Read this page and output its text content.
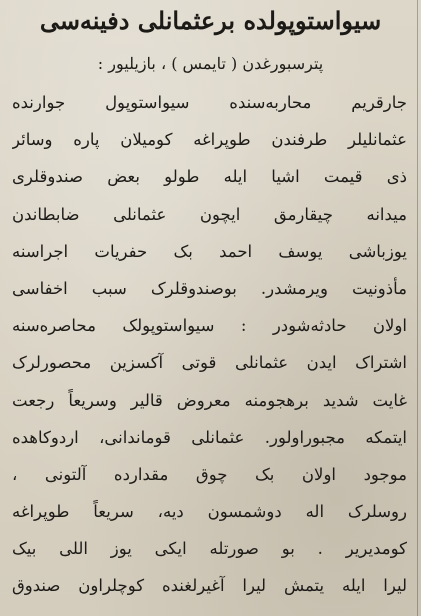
سیواستوپولده برعثمانلی دفینه‌سی
پترسبورغدن ( تایمس ) ، بازیلیور :
جارقریم محاربه‌سنده سیواستوپول جوارنده
عثمانلیلر طرفندن طوپراغه کومیلان پاره وسائر
ذی قیمت اشیا ایله طولو بعض صندوقلری
میدانه چیقارمق ایچون عثمانلی ضابطاندن
یوزباشی یوسف احمد بک حفریات اجراسنه
مأذونیت ویرمشدر. بوصندوقلرک سبب اخفاسی
اولان حادثه‌شودر : سیواستوپولک محاصره‌سنه
اشتراک ایدن عثمانلی قوتی آکسزین محصورلرک
غایت شدید برهجومنه معروض قالیر وسریعاً رجعت
ایتمکه مجبوراولور. عثمانلی قوماندانی، اردوکاهده
موجود اولان بک چوق مقدارده آلتونی ،
روسلرک اله دوشمسون دیه، سریعاً طوپراغه
کومدیریر . بو صورتله ایکی یوز اللی بیک
لیرا ایله یتمش لیرا آغیرلغنده کوچلراون صندوق
